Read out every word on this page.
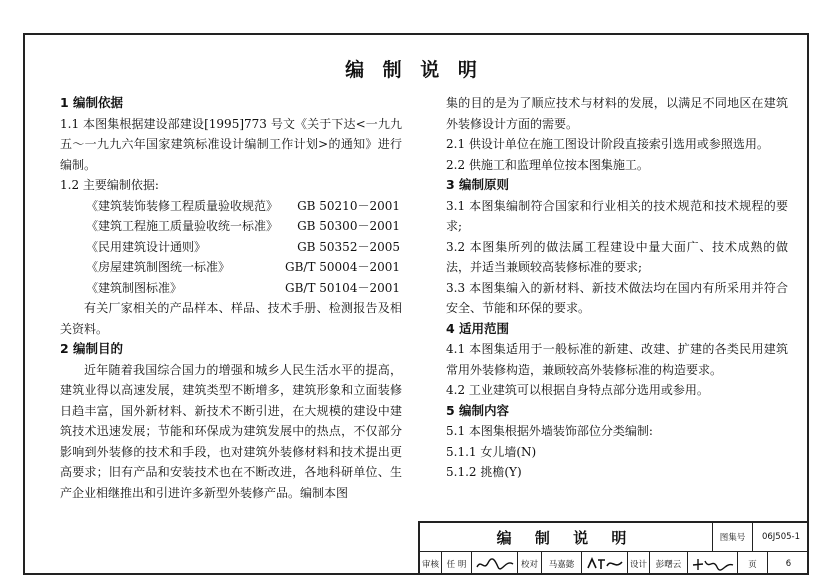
编 制 说 明
1 编制依据
1.1 本图集根据建设部建设[1995]773 号文《关于下达<一九九五～一九九六年国家建筑标准设计编制工作计划>的通知》进行编制。
1.2 主要编制依据:
《建筑装饰装修工程质量验收规范》 GB 50210－2001
《建筑工程施工质量验收统一标准》 GB 50300－2001
《民用建筑设计通则》	GB 50352－2005
《房屋建筑制图统一标准》	GB/T 50004－2001
《建筑制图标准》	GB/T 50104－2001
有关厂家相关的产品样本、样品、技术手册、检测报告及相关资料。
2 编制目的
近年随着我国综合国力的增强和城乡人民生活水平的提高，建筑业得以高速发展，建筑类型不断增多，建筑形象和立面装修日趋丰富，国外新材料、新技术不断引进，在大规模的建设中建筑技术迅速发展；节能和环保成为建筑发展中的热点，不仅部分影响到外装修的技术和手段，也对建筑外装修材料和技术提出更高要求；旧有产品和安装技术也在不断改进，各地科研单位、生产企业相继推出和引进许多新型外装修产品。编制本图
集的目的是为了顺应技术与材料的发展，以满足不同地区在建筑外装修设计方面的需要。
2.1 供设计单位在施工图设计阶段直接索引选用或参照选用。
2.2 供施工和监理单位按本图集施工。
3 编制原则
3.1 本图集编制符合国家和行业相关的技术规范和技术规程的要求;
3.2 本图集所列的做法属工程建设中量大面广、技术成熟的做法，并适当兼顾较高装修标准的要求;
3.3 本图集编入的新材料、新技术做法均在国内有所采用并符合安全、节能和环保的要求。
4 适用范围
4.1 本图集适用于一般标准的新建、改建、扩建的各类民用建筑常用外装修构造，兼顾较高外装修标准的构造要求。
4.2 工业建筑可以根据自身特点部分选用或参用。
5 编制内容
5.1 本图集根据外墙装饰部位分类编制:
5.1.1 女儿墙(N)
5.1.2 挑檐(Y)
编 制 说 明	图集号	06J505-1
审核 任 明	校对	马嘉懿	设计	彭曙云	页	6
